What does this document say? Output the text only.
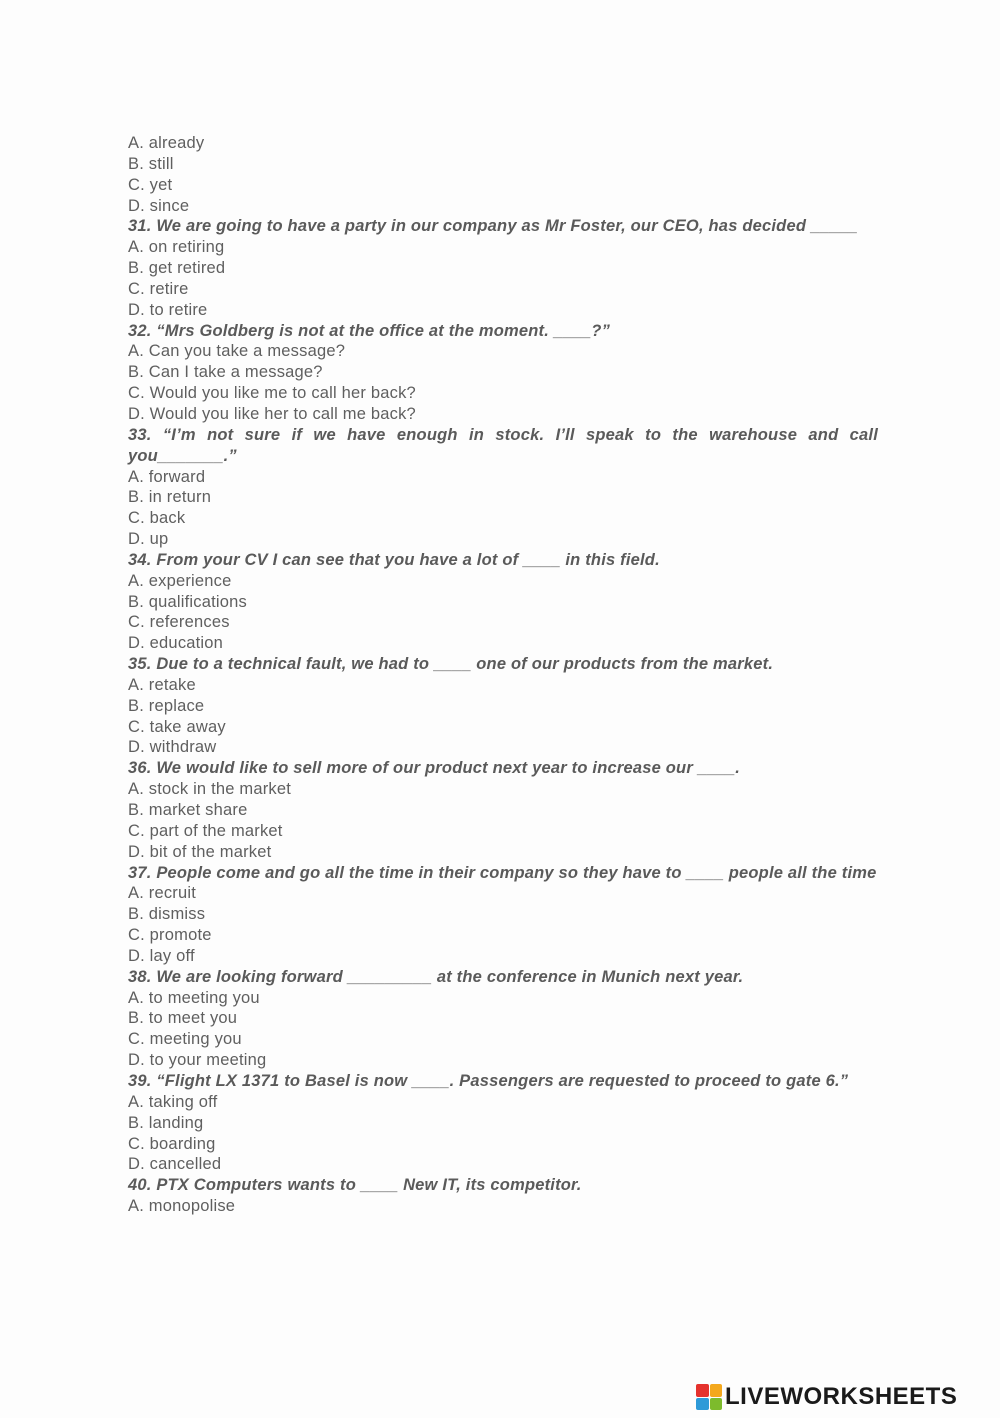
A. already
B. still
C. yet
D. since
31. We are going to have a party in our company as Mr Foster, our CEO, has decided _____
A. on retiring
B. get retired
C. retire
D. to retire
32. “Mrs Goldberg is not at the office at the moment. ____?”
A. Can you take a message?
B. Can I take a message?
C. Would you like me to call her back?
D. Would you like her to call me back?
33. “I’m not sure if we have enough in stock. I’ll speak to the warehouse and call you_______.”
A. forward
B. in return
C. back
D. up
34. From your CV I can see that you have a lot of ____ in this field.
A. experience
B. qualifications
C. references
D. education
35. Due to a technical fault, we had to ____ one of our products from the market.
A. retake
B. replace
C. take away
D. withdraw
36. We would like to sell more of our product next year to increase our ____.
A. stock in the market
B. market share
C. part of the market
D. bit of the market
37. People come and go all the time in their company so they have to ____ people all the time
A. recruit
B. dismiss
C. promote
D. lay off
38. We are looking forward _________ at the conference in Munich next year.
A. to meeting you
B. to meet you
C. meeting you
D. to your meeting
39. “Flight LX 1371 to Basel is now ____. Passengers are requested to proceed to gate 6.”
A. taking off
B. landing
C. boarding
D. cancelled
40. PTX Computers wants to ____ New IT, its competitor.
A. monopolise
LIVEWORKSHEETS
